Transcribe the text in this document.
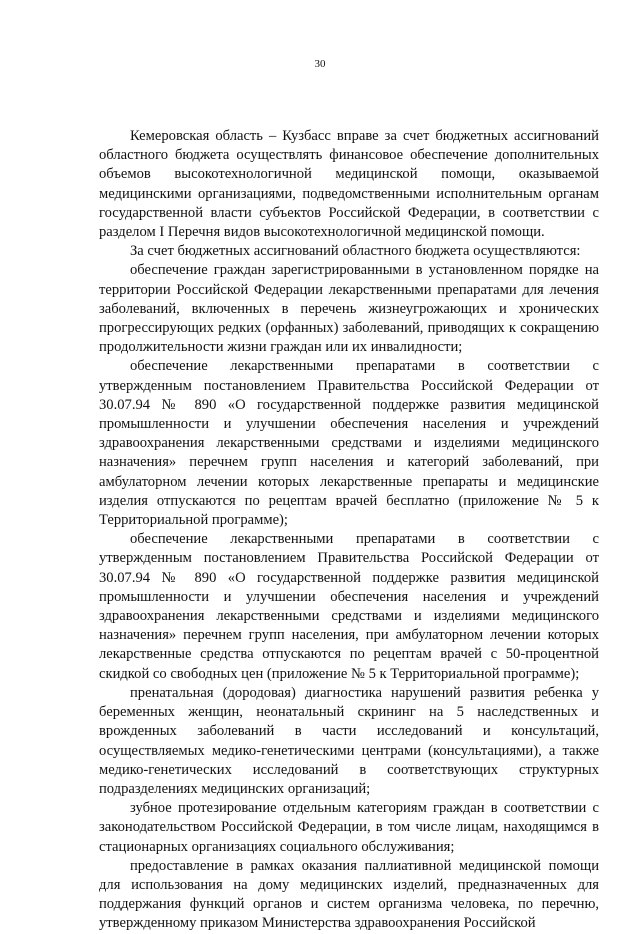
30

Кемеровская область – Кузбасс вправе за счет бюджетных ассигнований областного бюджета осуществлять финансовое обеспечение дополнительных объемов высокотехнологичной медицинской помощи, оказываемой медицинскими организациями, подведомственными исполнительным органам государственной власти субъектов Российской Федерации, в соответствии с разделом I Перечня видов высокотехнологичной медицинской помощи.

За счет бюджетных ассигнований областного бюджета осуществляются:

обеспечение граждан зарегистрированными в установленном порядке на территории Российской Федерации лекарственными препаратами для лечения заболеваний, включенных в перечень жизнеугрожающих и хронических прогрессирующих редких (орфанных) заболеваний, приводящих к сокращению продолжительности жизни граждан или их инвалидности;

обеспечение лекарственными препаратами в соответствии с утвержденным постановлением Правительства Российской Федерации от 30.07.94 № 890 «О государственной поддержке развития медицинской промышленности и улучшении обеспечения населения и учреждений здравоохранения лекарственными средствами и изделиями медицинского назначения» перечнем групп населения и категорий заболеваний, при амбулаторном лечении которых лекарственные препараты и медицинские изделия отпускаются по рецептам врачей бесплатно (приложение № 5 к Территориальной программе);

обеспечение лекарственными препаратами в соответствии с утвержденным постановлением Правительства Российской Федерации от 30.07.94 № 890 «О государственной поддержке развития медицинской промышленности и улучшении обеспечения населения и учреждений здравоохранения лекарственными средствами и изделиями медицинского назначения» перечнем групп населения, при амбулаторном лечении которых лекарственные средства отпускаются по рецептам врачей с 50-процентной скидкой со свободных цен (приложение № 5 к Территориальной программе);

пренатальная (дородовая) диагностика нарушений развития ребенка у беременных женщин, неонатальный скрининг на 5 наследственных и врожденных заболеваний в части исследований и консультаций, осуществляемых медико-генетическими центрами (консультациями), а также медико-генетических исследований в соответствующих структурных подразделениях медицинских организаций;

зубное протезирование отдельным категориям граждан в соответствии с законодательством Российской Федерации, в том числе лицам, находящимся в стационарных организациях социального обслуживания;

предоставление в рамках оказания паллиативной медицинской помощи для использования на дому медицинских изделий, предназначенных для поддержания функций органов и систем организма человека, по перечню, утвержденному приказом Министерства здравоохранения Российской
